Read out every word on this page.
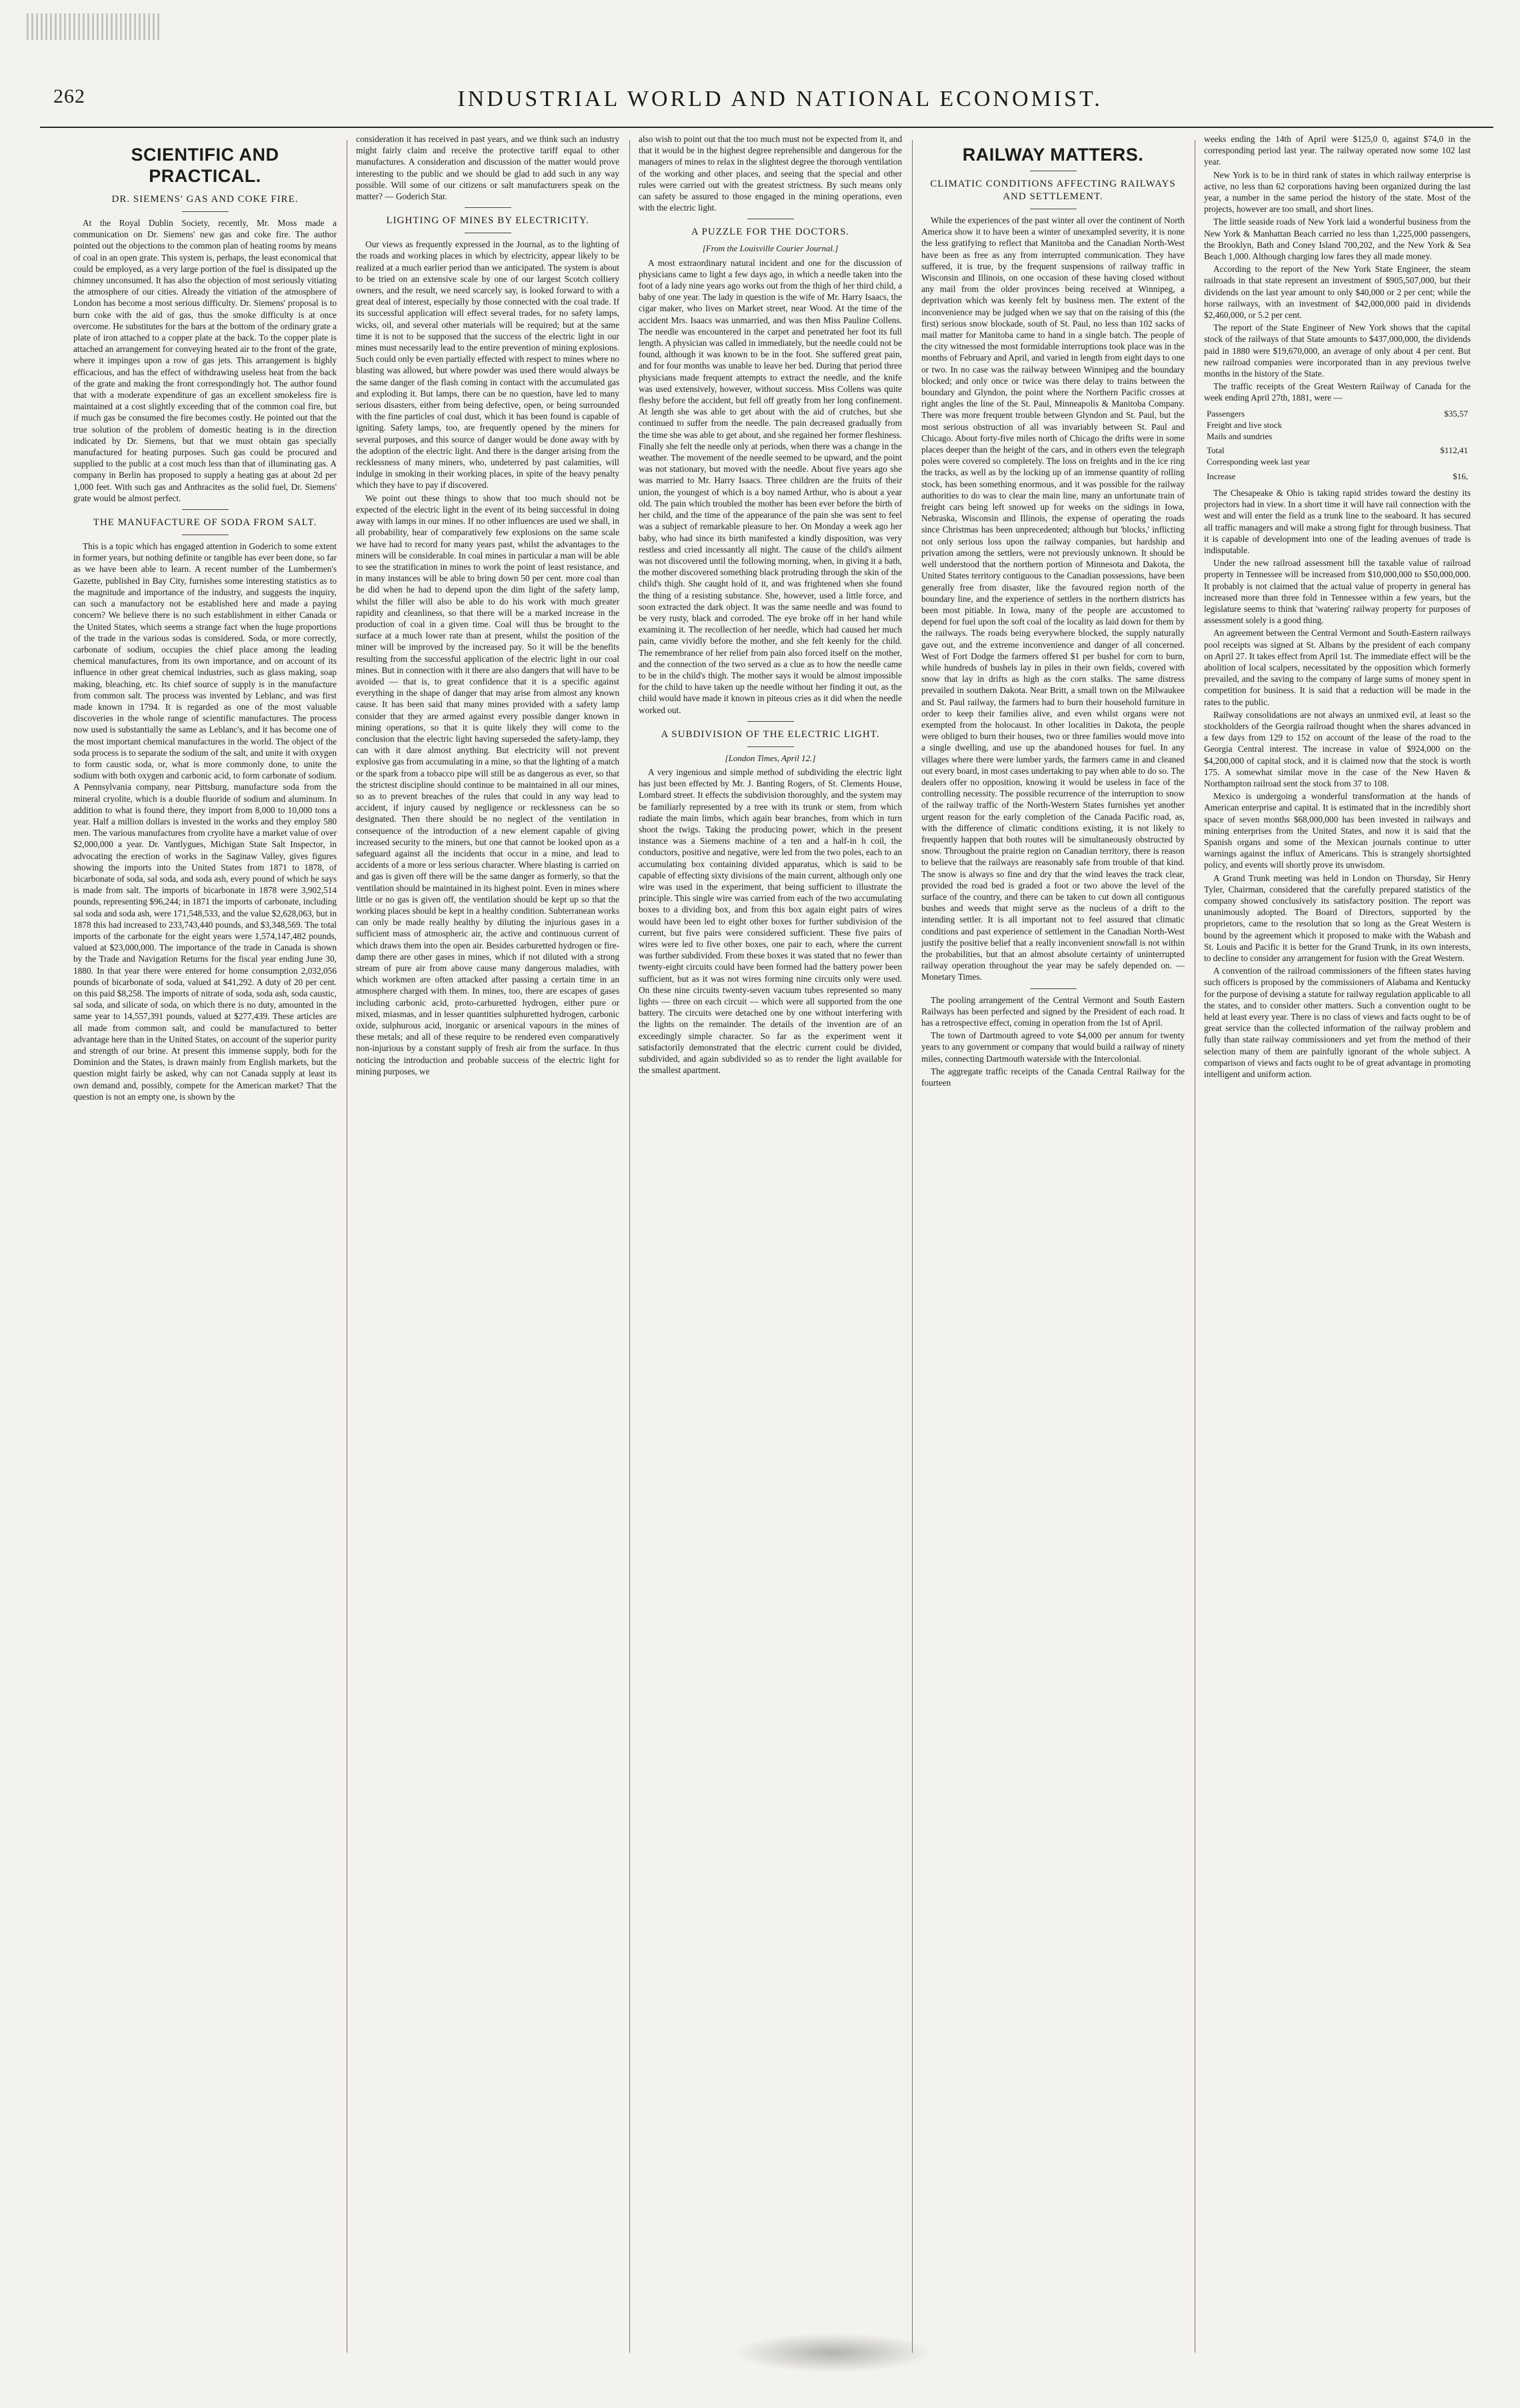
262	INDUSTRIAL WORLD AND NATIONAL ECONOMIST.
SCIENTIFIC AND PRACTICAL.
DR. SIEMENS' GAS AND COKE FIRE.

At the Royal Dublin Society, recently, Mr. Moss made a communication on Dr. Siemens' new gas and coke fire. The author pointed out the objections to the common plan of heating rooms by means of coal in an open grate. This system is, perhaps, the least economical that could be employed, as a very large portion of the fuel is dissipated up the chimney unconsumed. It has also the objection of most seriously vitiating the atmosphere of our cities. Already the vitiation of the atmosphere of London has become a most serious difficulty. Dr. Siemens' proposal is to burn coke with the aid of gas, thus the smoke difficulty is at once overcome. He substitutes for the bars at the bottom of the ordinary grate a plate of iron attached to a copper plate at the back. To the copper plate is attached an arrangement for conveying heated air to the front of the grate, where it impinges upon a row of gas jets. This arrangement is highly efficacious, and has the effect of withdrawing useless heat from the back of the grate and making the front correspondingly hot. The author found that with a moderate expenditure of gas an excellent smokeless fire is maintained at a cost slightly exceeding that of the common coal fire, but if much gas be consumed the fire becomes costly. He pointed out that the true solution of the problem of domestic heating is in the direction indicated by Dr. Siemens, but that we must obtain gas specially manufactured for heating purposes. Such gas could be procured and supplied to the public at a cost much less than that of illuminating gas. A company in Berlin has proposed to supply a heating gas at about 2d per 1,000 feet. With such gas and Anthracites as the solid fuel, Dr. Siemens' grate would be almost perfect.

THE MANUFACTURE OF SODA FROM SALT.

This is a topic which has engaged attention in Goderich to some extent in former years, but nothing definite or tangible has ever been done, so far as we have been able to learn. A recent number of the Lumbermen's Gazette, published in Bay City, furnishes some interesting statistics as to the magnitude and importance of the industry, and suggests the inquiry, can such a manufactory not be established here and made a paying concern? We believe there is no such establishment in either Canada or the United States, which seems a strange fact when the huge proportions of the trade in the various sodas is considered. Soda, or more correctly, carbonate of sodium, occupies the chief place among the leading chemical manufactures, from its own importance, and on account of its influence in other great chemical industries, such as glass making, soap making, bleaching, etc. Its chief source of supply is in the manufacture from common salt. The process was invented by Leblanc, and was first made known in 1794. It is regarded as one of the most valuable discoveries in the whole range of scientific manufactures. The process now used is substantially the same as Leblanc's, and it has become one of the most important chemical manufactures in the world. The object of the soda process is to separate the sodium of the salt, and unite it with oxygen to form caustic soda, or, what is more commonly done, to unite the sodium with both oxygen and carbonic acid, to form carbonate of sodium. A Pennsylvania company, near Pittsburg, manufacture soda from the mineral cryolite, which is a double fluoride of sodium and aluminum. In addition to what is found there, they import from 8,000 to 10,000 tons a year. Half a million dollars is invested in the works and they employ 580 men. The various manufactures from cryolite have a market value of over $2,000,000 a year. Dr. Vantlygues, Michigan State Salt Inspector, in advocating the erection of works in the Saginaw Valley, gives figures showing the imports into the United States from 1871 to 1878, of bicarbonate of soda, sal soda, and soda ash, every pound of which he says is made from salt. The imports of bicarbonate in 1878 were 3,902,514 pounds, representing $96,244; in 1871 the imports of carbonate, including sal soda and soda ash, were 171,548,533, and the value $2,628,063, but in 1878 this had increased to 233,743,440 pounds, and $3,348,569. The total imports of the carbonate for the eight years were 1,574,147,482 pounds, valued at $23,000,000. The importance of the trade in Canada is shown by the Trade and Navigation Returns for the fiscal year ending June 30, 1880. In that year there were entered for home consumption 2,032,056 pounds of bicarbonate of soda, valued at $41,292. A duty of 20 per cent. on this paid $8,258. The imports of nitrate of soda, soda ash, soda caustic, sal soda, and silicate of soda, on which there is no duty, amounted in the same year to 14,557,391 pounds, valued at $277,439. These articles are all made from common salt, and could be manufactured to better advantage here than in the United States, on account of the superior purity and strength of our brine. At present this immense supply, both for the Dominion and the States, is drawn mainly from English markets, but the question might fairly be asked, why can not Canada supply at least its own demand and, possibly, compete for the American market? That the question is not an empty one, is shown by the

consideration it has received in past years, and we think such an industry might fairly claim and receive the protective tariff equal to other manufactures. A consideration and discussion of the matter would prove interesting to the public and we should be glad to add such in any way possible. Will some of our citizens or salt manufacturers speak on the matter? — Goderich Star.

LIGHTING OF MINES BY ELECTRICITY.

Our views as frequently expressed in the Journal, as to the lighting of the roads and working places in which by electricity, appear likely to be realized at a much earlier period than we anticipated. The system is about to be tried on an extensive scale by one of our largest Scotch colliery owners, and the result, we need scarcely say, is looked forward to with a great deal of interest, especially by those connected with the coal trade. If its successful application will effect several trades, for no safety lamps, wicks, oil, and several other materials will be required; but at the same time it is not to be supposed that the success of the electric light in our mines must necessarily lead to the entire prevention of mining explosions. Such could only be even partially effected with respect to mines where no blasting was allowed, but where powder was used there would always be the same danger of the flash coming in contact with the accumulated gas and exploding it. But lamps, there can be no question, have led to many serious disasters, either from being defective, open, or being surrounded with the fine particles of coal dust, which it has been found is capable of igniting. Safety lamps, too, are frequently opened by the miners for several purposes, and this source of danger would be done away with by the adoption of the electric light. And there is the danger arising from the recklessness of many miners, who, undeterred by past calamities, will indulge in smoking in their working places, in spite of the heavy penalty which they have to pay if discovered.

We point out these things to show that too much should not be expected of the electric light in the event of its being successful in doing away with lamps in our mines. If no other influences are used we shall, in all probability, hear of comparatively few explosions on the same scale we have had to record for many years past, whilst the advantages to the miners will be considerable. In coal mines in particular a man will be able to see the stratification in mines to work the point of least resistance, and in many instances will be able to bring down 50 per cent. more coal than he did when he had to depend upon the dim light of the safety lamp, whilst the filler will also be able to do his work with much greater rapidity and cleanliness, so that there will be a marked increase in the production of coal in a given time. Coal will thus be brought to the surface at a much lower rate than at present, whilst the position of the miner will be improved by the increased pay. So it will be the benefits resulting from the successful application of the electric light in our coal mines. But in connection with it there are also dangers that will have to be avoided — that is, to great confidence that it is a specific against everything in the shape of danger that may arise from almost any known cause. It has been said that many mines provided with a safety lamp consider that they are armed against every possible danger known in mining operations, so that it is quite likely they will come to the conclusion that the electric light having superseded the safety-lamp, they can with it dare almost anything. But electricity will not prevent explosive gas from accumulating in a mine, so that the lighting of a match or the spark from a tobacco pipe will still be as dangerous as ever, so that the strictest discipline should continue to be maintained in all our mines, so as to prevent breaches of the rules that could in any way lead to accident, if injury caused by negligence or recklessness can be so designated. Then there should be no neglect of the ventilation in consequence of the introduction of a new element capable of giving increased security to the miners, but one that cannot be looked upon as a safeguard against all the incidents that occur in a mine, and lead to accidents of a more or less serious character. Where blasting is carried on and gas is given off there will be the same danger as formerly, so that the ventilation should be maintained in its highest point. Even in mines where little or no gas is given off, the ventilation should be kept up so that the working places should be kept in a healthy condition. Subterranean works can only be made really healthy by diluting the injurious gases in a sufficient mass of atmospheric air, the active and continuous current of which draws them into the open air. Besides carburetted hydrogen or fire-damp there are other gases in mines, which if not diluted with a strong stream of pure air from above cause many dangerous maladies, with which workmen are often attacked after passing a certain time in an atmosphere charged with them. In mines, too, there are escapes of gases including carbonic acid, proto-carburetted hydrogen, either pure or mixed, miasmas, and in lesser quantities sulphuretted hydrogen, carbonic oxide, sulphurous acid, inorganic or arsenical vapours in the mines of these metals; and all of these require to be rendered even comparatively non-injurious by a constant supply of fresh air from the surface. In thus noticing the introduction and probable success of the electric light for mining purposes, we

also wish to point out that the too much must not be expected from it, and that it would be in the highest degree reprehensible and dangerous for the managers of mines to relax in the slightest degree the thorough ventilation of the working and other places, and seeing that the special and other rules were carried out with the greatest strictness. By such means only can safety be assured to those engaged in the mining operations, even with the electric light.

A PUZZLE FOR THE DOCTORS.
[From the Louisville Courier Journal.]

A most extraordinary natural incident and one for the discussion of physicians came to light a few days ago, in which a needle taken into the foot of a lady nine years ago works out from the thigh of her third child, a baby of one year. The lady in question is the wife of Mr. Harry Isaacs, the cigar maker, who lives on Market street, near Wood. At the time of the accident Mrs. Isaacs was unmarried, and was then Miss Pauline Collens. The needle was encountered in the carpet and penetrated her foot its full length. A physician was called in immediately, but the needle could not be found, although it was known to be in the foot. She suffered great pain, and for four months was unable to leave her bed. During that period three physicians made frequent attempts to extract the needle, and the knife was used extensively, however, without success. Miss Collens was quite fleshy before the accident, but fell off greatly from her long confinement. At length she was able to get about with the aid of crutches, but she continued to suffer from the needle. The pain decreased gradually from the time she was able to get about, and she regained her former fleshiness. Finally she felt the needle only at periods, when there was a change in the weather. The movement of the needle seemed to be upward, and the point was not stationary, but moved with the needle. About five years ago she was married to Mr. Harry Isaacs. Three children are the fruits of their union, the youngest of which is a boy named Arthur, who is about a year old. The pain which troubled the mother has been ever before the birth of her child, and the time of the appearance of the pain she was sent to feel was a subject of remarkable pleasure to her. On Monday a week ago her baby, who had since its birth manifested a kindly disposition, was very restless and cried incessantly all night. The cause of the child's ailment was not discovered until the following morning, when, in giving it a bath, the mother discovered something black protruding through the skin of the child's thigh. She caught hold of it, and was frightened when she found the thing of a resisting substance. She, however, used a little force, and soon extracted the dark object. It was the same needle and was found to be very rusty, black and corroded. The eye broke off in her hand while examining it. The recollection of her needle, which had caused her much pain, came vividly before the mother, and she felt keenly for the child. The remembrance of her relief from pain also forced itself on the mother, and the connection of the two served as a clue as to how the needle came to be in the child's thigh. The mother says it would be almost impossible for the child to have taken up the needle without her finding it out, as the child would have made it known in piteous cries as it did when the needle worked out.

A SUBDIVISION OF THE ELECTRIC LIGHT.
[London Times, April 12.]

A very ingenious and simple method of subdividing the electric light has just been effected by Mr. J. Banting Rogers, of St. Clements House, Lombard street. It effects the subdivision thoroughly, and the system may be familiarly represented by a tree with its trunk or stem, from which radiate the main limbs, which again bear branches, from which in turn shoot the twigs. Taking the producing power, which in the present instance was a Siemens machine of a ten and a half-in h coil, the conductors, positive and negative, were led from the two poles, each to an accumulating box containing divided apparatus, which is said to be capable of effecting sixty divisions of the main current, although only one wire was used in the experiment, that being sufficient to illustrate the principle. This single wire was carried from each of the two accumulating boxes to a dividing box, and from this box again eight pairs of wires would have been led to eight other boxes for further subdivision of the current, but five pairs were considered sufficient. These five pairs of wires were led to five other boxes, one pair to each, where the current was further subdivided. From these boxes it was stated that no fewer than twenty-eight circuits could have been formed had the battery power been sufficient, but as it was not wires forming nine circuits only were used. On these nine circuits twenty-seven vacuum tubes represented so many lights — three on each circuit — which were all supported from the one battery. The circuits were detached one by one without interfering with the lights on the remainder. The details of the invention are of an exceedingly simple character. So far as the experiment went it satisfactorily demonstrated that the electric current could be divided, subdivided, and again subdivided so as to render the light available for the smallest apartment.

RAILWAY MATTERS.
CLIMATIC CONDITIONS AFFECTING RAILWAYS AND SETTLEMENT.

While the experiences of the past winter all over the continent of North America show it to have been a winter of unexampled severity, it is none the less gratifying to reflect that Manitoba and the Canadian North-West have been as free as any from interrupted communication. They have suffered, it is true, by the frequent suspensions of railway traffic in Wisconsin and Illinois, on one occasion of these having closed without any mail from the older provinces being received at Winnipeg, a deprivation which was keenly felt by business men. The extent of the inconvenience may be judged when we say that on the raising of this (the first) serious snow blockade, south of St. Paul, no less than 102 sacks of mail matter for Manitoba came to hand in a single batch. The people of the city witnessed the most formidable interruptions took place was in the months of February and April, and varied in length from eight days to one or two. In no case was the railway between Winnipeg and the boundary blocked; and only once or twice was there delay to trains between the boundary and Glyndon, the point where the Northern Pacific crosses at right angles the line of the St. Paul, Minneapolis & Manitoba Company. There was more frequent trouble between Glyndon and St. Paul, but the most serious obstruction of all was invariably between St. Paul and Chicago. About forty-five miles north of Chicago the drifts were in some places deeper than the height of the cars, and in others even the telegraph poles were covered so completely. The loss on freights and in the ice ring the tracks, as well as by the locking up of an immense quantity of rolling stock, has been something enormous, and it was possible for the railway authorities to do was to clear the main line, many an unfortunate train of freight cars being left snowed up for weeks on the sidings in Iowa, Nebraska, Wisconsin and Illinois, the expense of operating the roads since Christmas has been unprecedented; although but 'blocks,' inflicting not only serious loss upon the railway companies, but hardship and privation among the settlers, were not previously unknown. It should be well understood that the northern portion of Minnesota and Dakota, the United States territory contiguous to the Canadian possessions, have been generally free from disaster, like the favoured region north of the boundary line, and the experience of settlers in the northern districts has been most pitiable. In Iowa, many of the people are accustomed to depend for fuel upon the soft coal of the locality as laid down for them by the railways. The roads being everywhere blocked, the supply naturally gave out, and the extreme inconvenience and danger of all concerned. West of Fort Dodge the farmers offered $1 per bushel for corn to burn, while hundreds of bushels lay in piles in their own fields, covered with snow that lay in drifts as high as the corn stalks. The same distress prevailed in southern Dakota. Near Britt, a small town on the Milwaukee and St. Paul railway, the farmers had to burn their household furniture in order to keep their families alive, and even whilst organs were not exempted from the holocaust. In other localities in Dakota, the people were obliged to burn their houses, two or three families would move into a single dwelling, and use up the abandoned houses for fuel. In any villages where there were lumber yards, the farmers came in and cleaned out every board, in most cases undertaking to pay when able to do so. The dealers offer no opposition, knowing it would be useless in face of the controlling necessity. The possible recurrence of the interruption to snow of the railway traffic of the North-Western States furnishes yet another urgent reason for the early completion of the Canada Pacific road, as, with the difference of climatic conditions existing, it is not likely to frequently happen that both routes will be simultaneously obstructed by snow. Throughout the prairie region on Canadian territory, there is reason to believe that the railways are reasonably safe from trouble of that kind. The snow is always so fine and dry that the wind leaves the track clear, provided the road bed is graded a foot or two above the level of the surface of the country, and there can be taken to cut down all contiguous bushes and weeds that might serve as the nucleus of a drift to the intending settler. It is all important not to feel assured that climatic conditions and past experience of settlement in the Canadian North-West justify the positive belief that a really inconvenient snowfall is not within the probabilities, but that an almost absolute certainty of uninterrupted railway operation throughout the year may be safely depended on. — Monetary Times.

The pooling arrangement of the Central Vermont and South Eastern Railways has been perfected and signed by the President of each road. It has a retrospective effect, coming in operation from the 1st of April.

The town of Dartmouth agreed to vote $4,000 per annum for twenty years to any government or company that would build a railway of ninety miles, connecting Dartmouth waterside with the Intercolonial.

The aggregate traffic receipts of the Canada Central Railway for the fourteen

weeks ending the 14th of April were $125,0 0, against $74,0 in the corresponding period last year. The railway operated now some 102 last year.

New York is to be in third rank of states in which railway enterprise is active, no less than 62 corporations having been organized during the last year, a number in the same period the history of the state. Most of the projects, however are too small, and short lines.

The little seaside roads of New York laid a wonderful business from the New York & Manhattan Beach carried no less than 1,225,000 passengers, the Brooklyn, Bath and Coney Island 700,202, and the New York & Sea Beach 1,000. Although charging low fares they all made money.

According to the report of the New York State Engineer, the steam railroads in that state represent an investment of $905,507,000, but their dividends on the last year amount to only $40,000 or 2 per cent; while the horse railways, with an investment of $42,000,000 paid in dividends $2,460,000, or 5.2 per cent.

The report of the State Engineer of New York shows that the capital stock of the railways of that State amounts to $437,000,000, the dividends paid in 1880 were $19,670,000, an average of only about 4 per cent. But new railroad companies were incorporated than in any previous twelve months in the history of the State.

The traffic receipts of the Great Western Railway of Canada for the week ending April 27th, 1881, were —

Passengers	$35,57
Freight and live stock
Mails and sundries
Total	$112,41
Corresponding week last year
Increase	$16,

The Chesapeake & Ohio is taking rapid strides toward the destiny its projectors had in view. In a short time it will have rail connection with the west and will enter the field as a trunk line to the seaboard. It has secured all traffic managers and will make a strong fight for through business. That it is capable of development into one of the leading avenues of trade is indisputable.

Under the new railroad assessment bill the taxable value of railroad property in Tennessee will be increased from $10,000,000 to $50,000,000. It probably is not claimed that the actual value of property in general has increased more than three fold in Tennessee within a few years, but the legislature seems to think that 'watering' railway property for purposes of assessment solely is a good thing.

An agreement between the Central Vermont and South-Eastern railways pool receipts was signed at St. Albans by the president of each company on April 27. It takes effect from April 1st. The immediate effect will be the abolition of local scalpers, necessitated by the opposition which formerly prevailed, and the saving to the company of large sums of money spent in competition for business. It is said that a reduction will be made in the rates to the public.

Railway consolidations are not always an unmixed evil, at least so the stockholders of the Georgia railroad thought when the shares advanced in a few days from 129 to 152 on account of the lease of the road to the Georgia Central interest. The increase in value of $924,000 on the $4,200,000 of capital stock, and it is claimed now that the stock is worth 175. A somewhat similar move in the case of the New Haven & Northampton railroad sent the stock from 37 to 108.

Mexico is undergoing a wonderful transformation at the hands of American enterprise and capital. It is estimated that in the incredibly short space of seven months $68,000,000 has been invested in railways and mining enterprises from the United States, and now it is said that the Spanish organs and some of the Mexican journals continue to utter warnings against the influx of Americans. This is strangely shortsighted policy, and events will shortly prove its unwisdom.

A Grand Trunk meeting was held in London on Thursday, Sir Henry Tyler, Chairman, considered that the carefully prepared statistics of the company showed conclusively its satisfactory position. The report was unanimously adopted. The Board of Directors, supported by the proprietors, came to the resolution that so long as the Great Western is bound by the agreement which it proposed to make with the Wabash and St. Louis and Pacific it is better for the Grand Trunk, in its own interests, to decline to consider any arrangement for fusion with the Great Western.

A convention of the railroad commissioners of the fifteen states having such officers is proposed by the commissioners of Alabama and Kentucky for the purpose of devising a statute for railway regulation applicable to all the states, and to consider other matters. Such a convention ought to be held at least every year. There is no class of views and facts ought to be of great service than the collected information of the railway problem and fully than state railway commissioners and yet from the method of their selection many of them are painfully ignorant of the whole subject. A comparison of views and facts ought to be of great advantage in promoting intelligent and uniform action.
